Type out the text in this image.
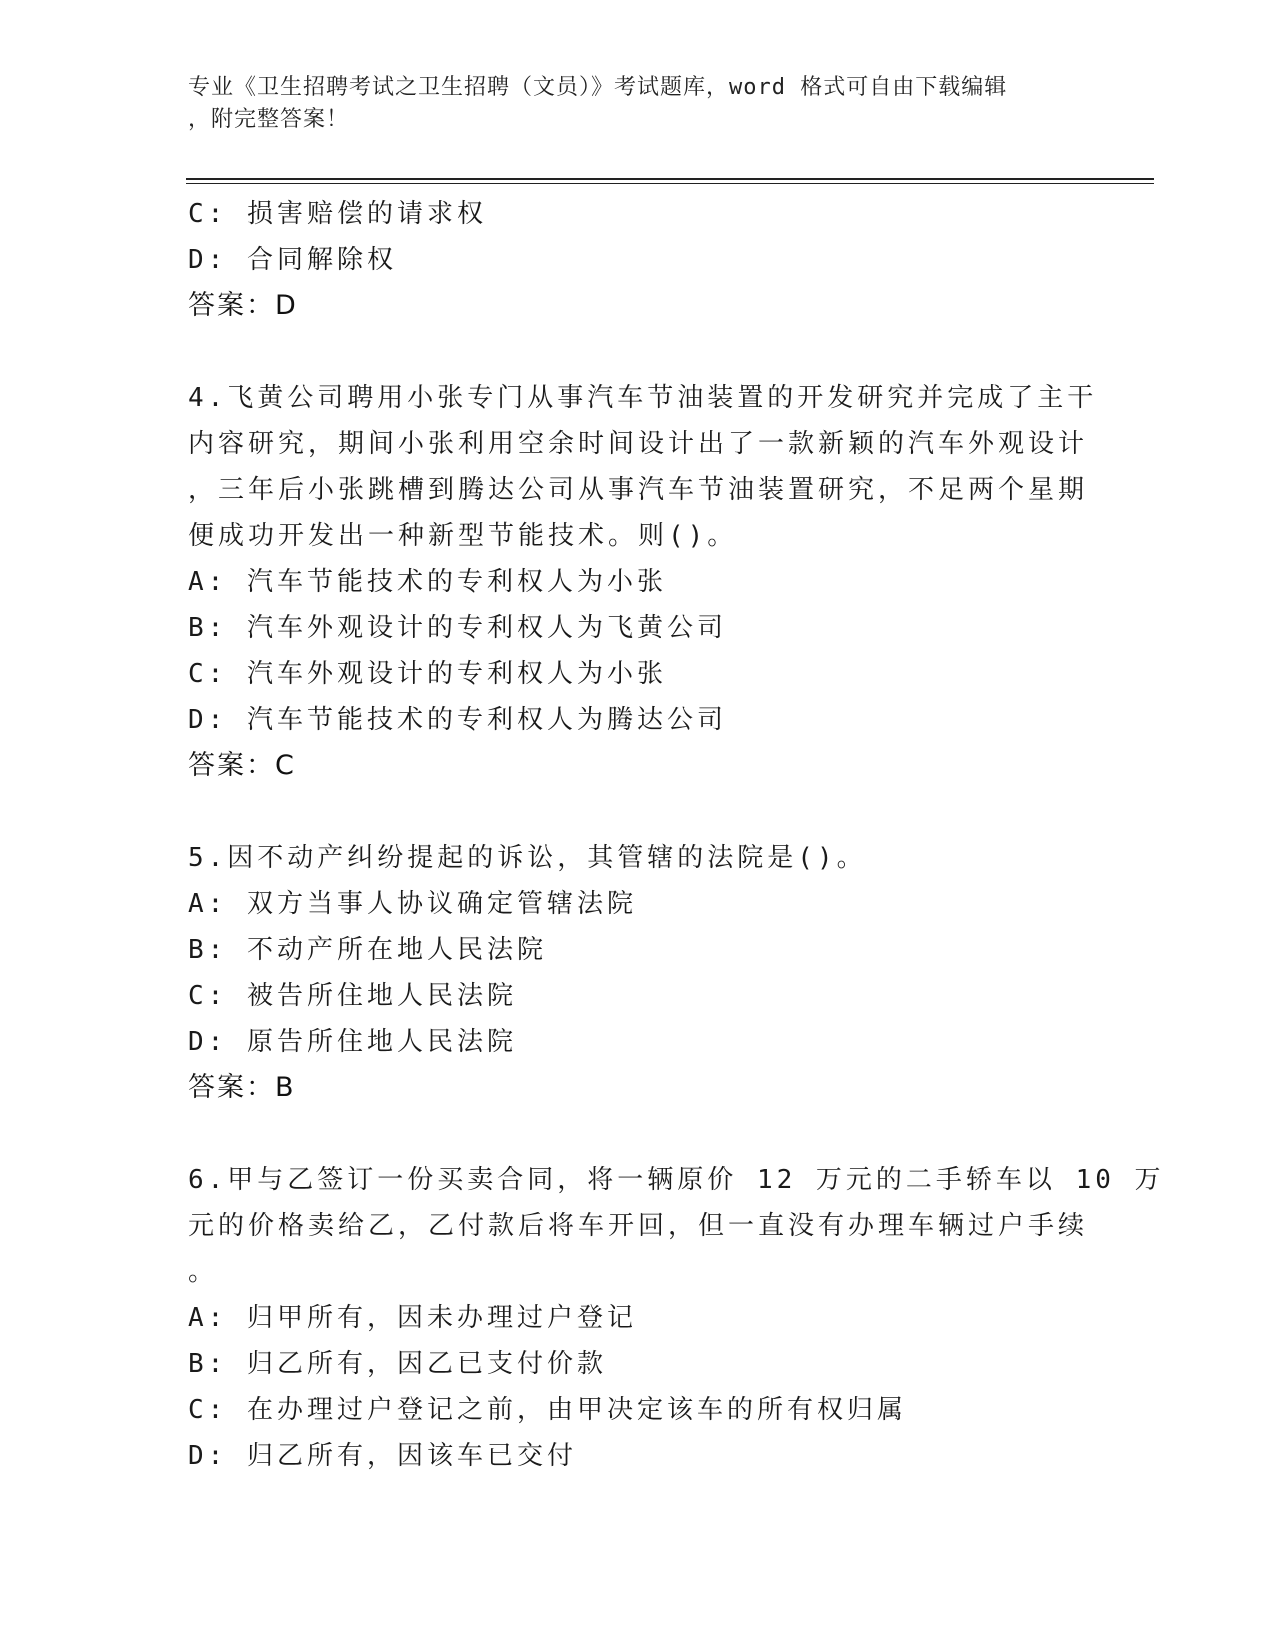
专业《卫生招聘考试之卫生招聘（文员）》考试题库，word 格式可自由下载编辑
，附完整答案！
C: 损害赔偿的请求权
D: 合同解除权
答案：D
4.飞黄公司聘用小张专门从事汽车节油装置的开发研究并完成了主干
内容研究，期间小张利用空余时间设计出了一款新颖的汽车外观设计
，三年后小张跳槽到腾达公司从事汽车节油装置研究，不足两个星期
便成功开发出一种新型节能技术。则()。
A: 汽车节能技术的专利权人为小张
B: 汽车外观设计的专利权人为飞黄公司
C: 汽车外观设计的专利权人为小张
D: 汽车节能技术的专利权人为腾达公司
答案：C
5.因不动产纠纷提起的诉讼，其管辖的法院是()。
A: 双方当事人协议确定管辖法院
B: 不动产所在地人民法院
C: 被告所住地人民法院
D: 原告所住地人民法院
答案：B
6.甲与乙签订一份买卖合同，将一辆原价 12 万元的二手轿车以 10 万
元的价格卖给乙，乙付款后将车开回，但一直没有办理车辆过户手续
。
A: 归甲所有，因未办理过户登记
B: 归乙所有，因乙已支付价款
C: 在办理过户登记之前，由甲决定该车的所有权归属
D: 归乙所有，因该车已交付
